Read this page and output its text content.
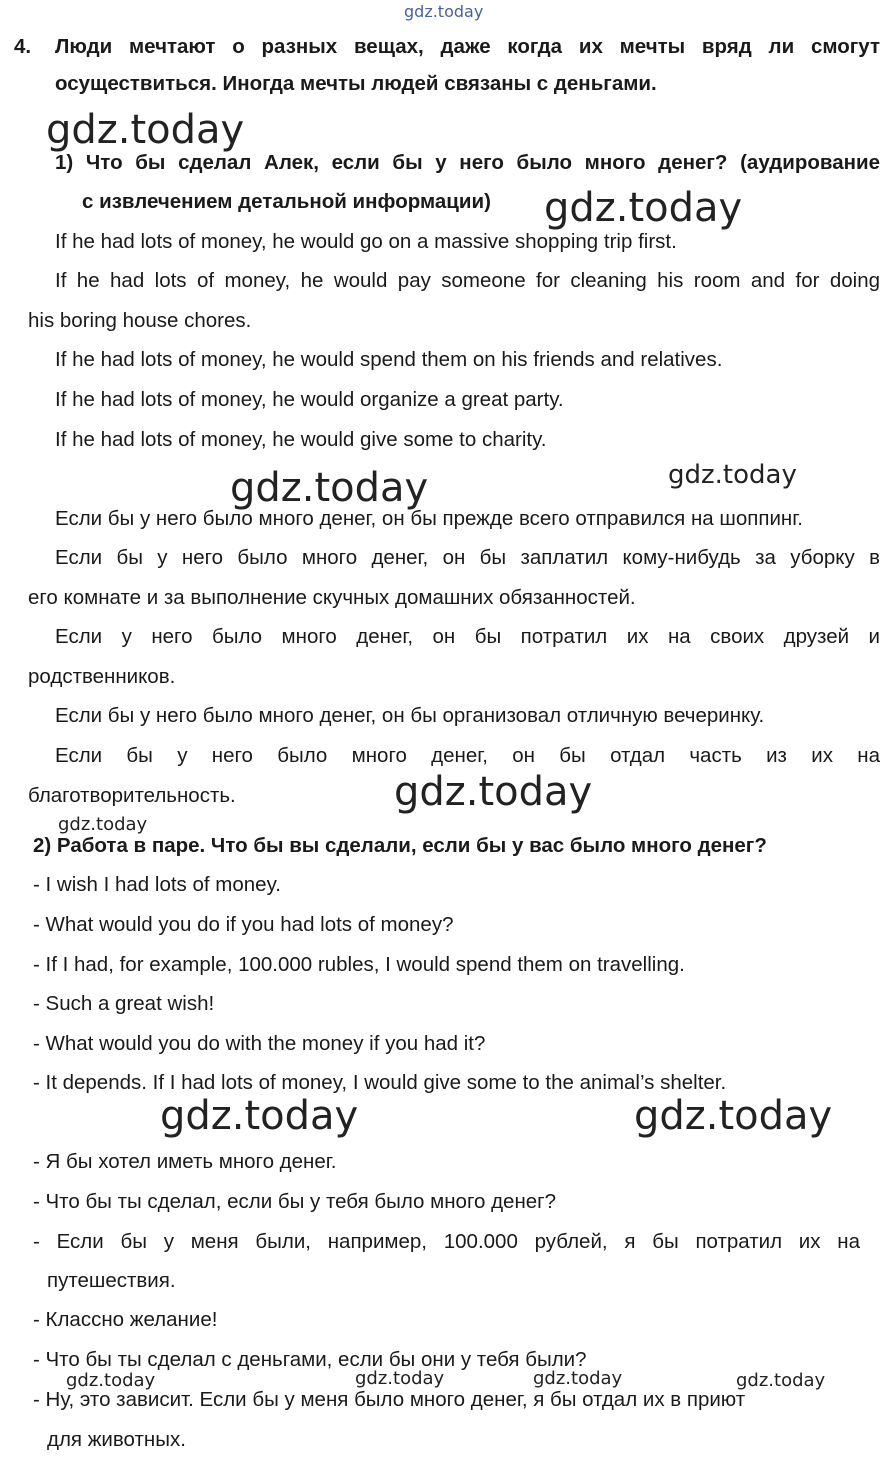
gdz.today
gdz.today
gdz.today
gdz.today	gdz.today
gdz.today
gdz.today
gdz.today	gdz.today
gdz.today	gdz.today	gdz.today	gdz.today
4. Люди мечтают о разных вещах, даже когда их мечты вряд ли смогут
осуществиться. Иногда мечты людей связаны с деньгами.
1) Что бы сделал Алек, если бы у него было много денег? (аудирование
с извлечением детальной информации)
If he had lots of money, he would go on a massive shopping trip first.
If he had lots of money, he would pay someone for cleaning his room and for doing
his boring house chores.
If he had lots of money, he would spend them on his friends and relatives.
If he had lots of money, he would organize a great party.
If he had lots of money, he would give some to charity.
Если бы у него было много денег, он бы прежде всего отправился на шоппинг.
Если бы у него было много денег, он бы заплатил кому-нибудь за уборку в
его комнате и за выполнение скучных домашних обязанностей.
Если у него было много денег, он бы потратил их на своих друзей и
родственников.
Если бы у него было много денег, он бы организовал отличную вечеринку.
Если бы у него было много денег, он бы отдал часть из их на
благотворительность.
2) Работа в паре. Что бы вы сделали, если бы у вас было много денег?
- I wish I had lots of money.
- What would you do if you had lots of money?
- If I had, for example, 100.000 rubles, I would spend them on travelling.
- Such a great wish!
- What would you do with the money if you had it?
- It depends. If I had lots of money, I would give some to the animal’s shelter.
- Я бы хотел иметь много денег.
- Что бы ты сделал, если бы у тебя было много денег?
- Если бы у меня были, например, 100.000 рублей, я бы потратил их на
путешествия.
- Классно желание!
- Что бы ты сделал с деньгами, если бы они у тебя были?
- Ну, это зависит. Если бы у меня было много денег, я бы отдал их в приют
для животных.
